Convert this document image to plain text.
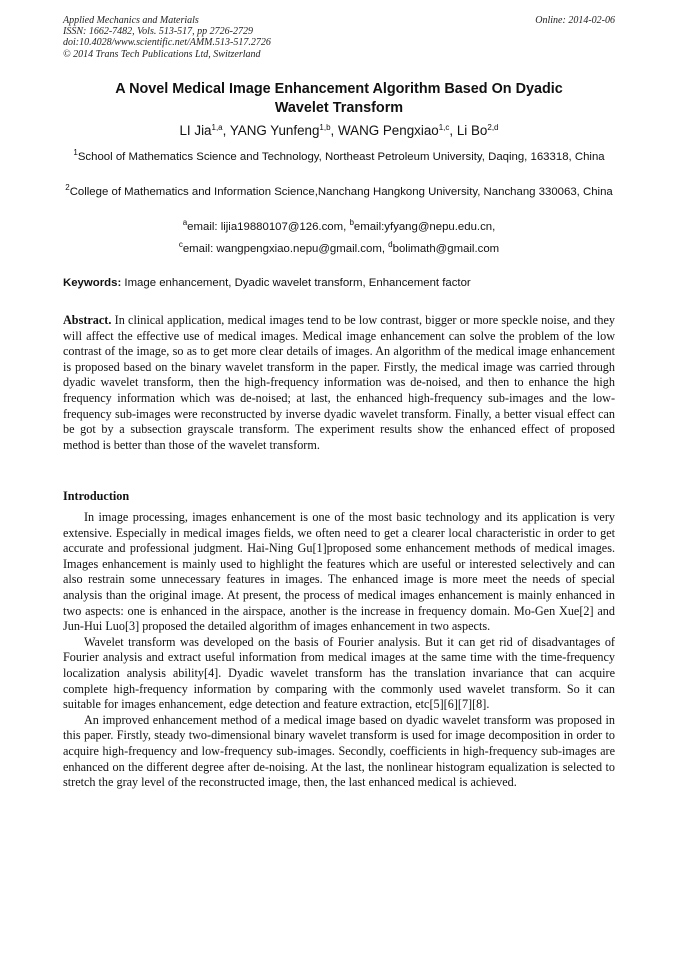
Applied Mechanics and Materials
ISSN: 1662-7482, Vols. 513-517, pp 2726-2729
doi:10.4028/www.scientific.net/AMM.513-517.2726
© 2014 Trans Tech Publications Ltd, Switzerland
Online: 2014-02-06
A Novel Medical Image Enhancement Algorithm Based On Dyadic
Wavelet Transform
LI Jia$^{1,a}$, YANG Yunfeng$^{1,b}$, WANG Pengxiao$^{1,c}$, Li Bo$^{2,d}$
$^1$School of Mathematics Science and Technology, Northeast Petroleum University, Daqing, 163318, China
$^2$College of Mathematics and Information Science,Nanchang Hangkong University, Nanchang 330063, China
$^a$email: lijia19880107@126.com, $^b$email:yfyang@nepu.edu.cn,
$^c$email: wangpengxiao.nepu@gmail.com, $^d$bolimath@gmail.com
Keywords: Image enhancement, Dyadic wavelet transform, Enhancement factor
Abstract. In clinical application, medical images tend to be low contrast, bigger or more speckle noise, and they will affect the effective use of medical images. Medical image enhancement can solve the problem of the low contrast of the image, so as to get more clear details of images. An algorithm of the medical image enhancement is proposed based on the binary wavelet transform in the paper. Firstly, the medical image was carried through dyadic wavelet transform, then the high-frequency information was de-noised, and then to enhance the high frequency information which was de-noised; at last, the enhanced high-frequency sub-images and the low-frequency sub-images were reconstructed by inverse dyadic wavelet transform. Finally, a better visual effect can be got by a subsection grayscale transform. The experiment results show the enhanced effect of proposed method is better than those of the wavelet transform.
Introduction

In image processing, images enhancement is one of the most basic technology and its application is very extensive. Especially in medical images fields, we often need to get a clearer local characteristic in order to get accurate and professional judgment. Hai-Ning Gu[1]proposed some enhancement methods of medical images. Images enhancement is mainly used to highlight the features which are useful or interested selectively and can also restrain some unnecessary features in images. The enhanced image is more meet the needs of special analysis than the original image. At present, the process of medical images enhancement is mainly enhanced in two aspects: one is enhanced in the airspace, another is the increase in frequency domain. Mo-Gen Xue[2] and Jun-Hui Luo[3] proposed the detailed algorithm of images enhancement in two aspects.

Wavelet transform was developed on the basis of Fourier analysis. But it can get rid of disadvantages of Fourier analysis and extract useful information from medical images at the same time with the time-frequency localization analysis ability[4]. Dyadic wavelet transform has the translation invariance that can acquire complete high-frequency information by comparing with the commonly used wavelet transform. So it can suitable for images enhancement, edge detection and feature extraction, etc[5][6][7][8].

An improved enhancement method of a medical image based on dyadic wavelet transform was proposed in this paper. Firstly, steady two-dimensional binary wavelet transform is used for image decomposition in order to acquire high-frequency and low-frequency sub-images. Secondly, coefficients in high-frequency sub-images are enhanced on the different degree after de-noising. At the last, the nonlinear histogram equalization is selected to stretch the gray level of the reconstructed image, then, the last enhanced medical is achieved.
